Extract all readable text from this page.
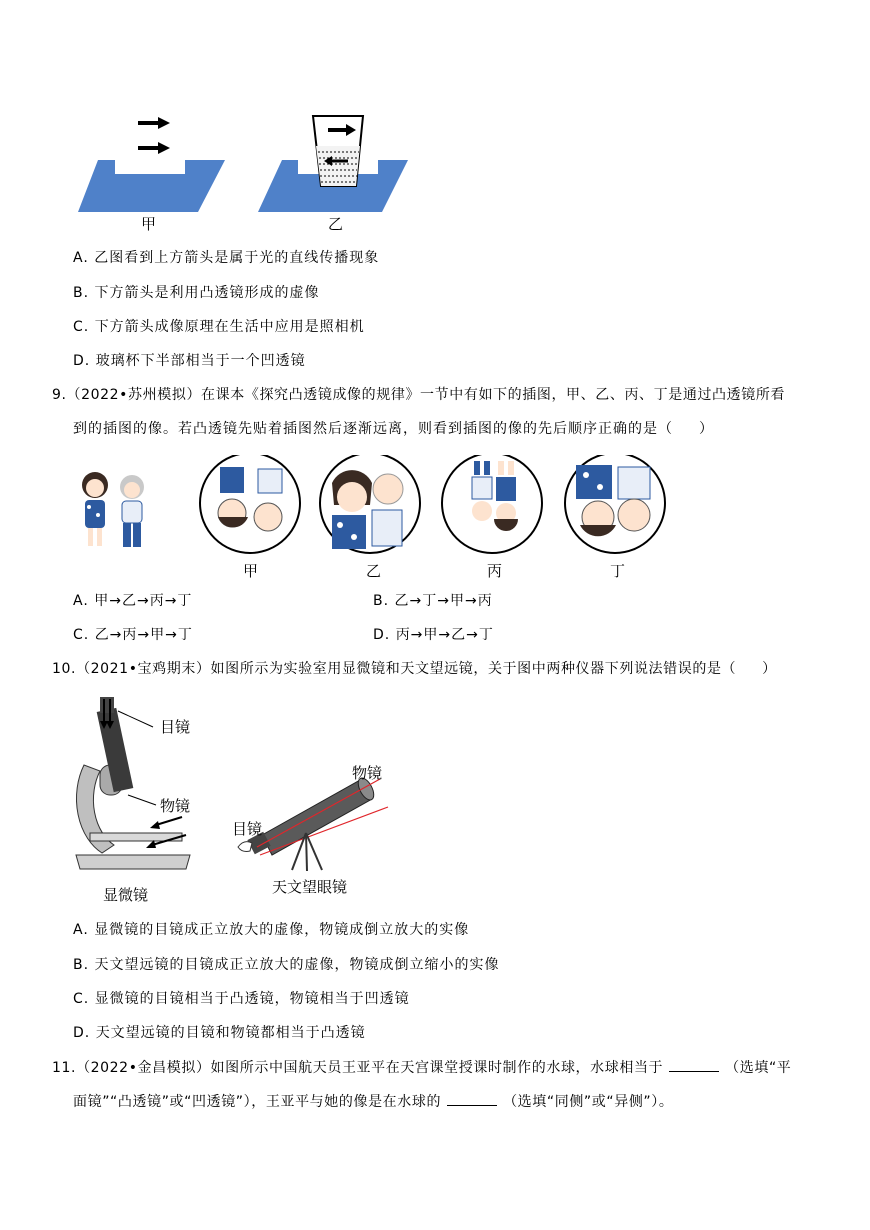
甲	乙
A. 乙图看到上方箭头是属于光的直线传播现象
B. 下方箭头是利用凸透镜形成的虚像
C. 下方箭头成像原理在生活中应用是照相机
D. 玻璃杯下半部相当于一个凹透镜
9.（2022•苏州模拟）在课本《探究凸透镜成像的规律》一节中有如下的插图，甲、乙、丙、丁是通过凸透镜所看
到的插图的像。若凸透镜先贴着插图然后逐渐远离，则看到插图的像的先后顺序正确的是（ ）
甲	乙	丙	丁
A. 甲→乙→丙→丁	B. 乙→丁→甲→丙
C. 乙→丙→甲→丁	D. 丙→甲→乙→丁
10.（2021•宝鸡期末）如图所示为实验室用显微镜和天文望远镜，关于图中两种仪器下列说法错误的是（ ）
目镜
物镜
显微镜
物镜
目镜
天文望眼镜
A. 显微镜的目镜成正立放大的虚像，物镜成倒立放大的实像
B. 天文望远镜的目镜成正立放大的虚像，物镜成倒立缩小的实像
C. 显微镜的目镜相当于凸透镜，物镜相当于凹透镜
D. 天文望远镜的目镜和物镜都相当于凸透镜
11.（2022•金昌模拟）如图所示中国航天员王亚平在天宫课堂授课时制作的水球，水球相当于	（选填“平
面镜”“凸透镜”或“凹透镜”），王亚平与她的像是在水球的	（选填“同侧”或“异侧”）。
